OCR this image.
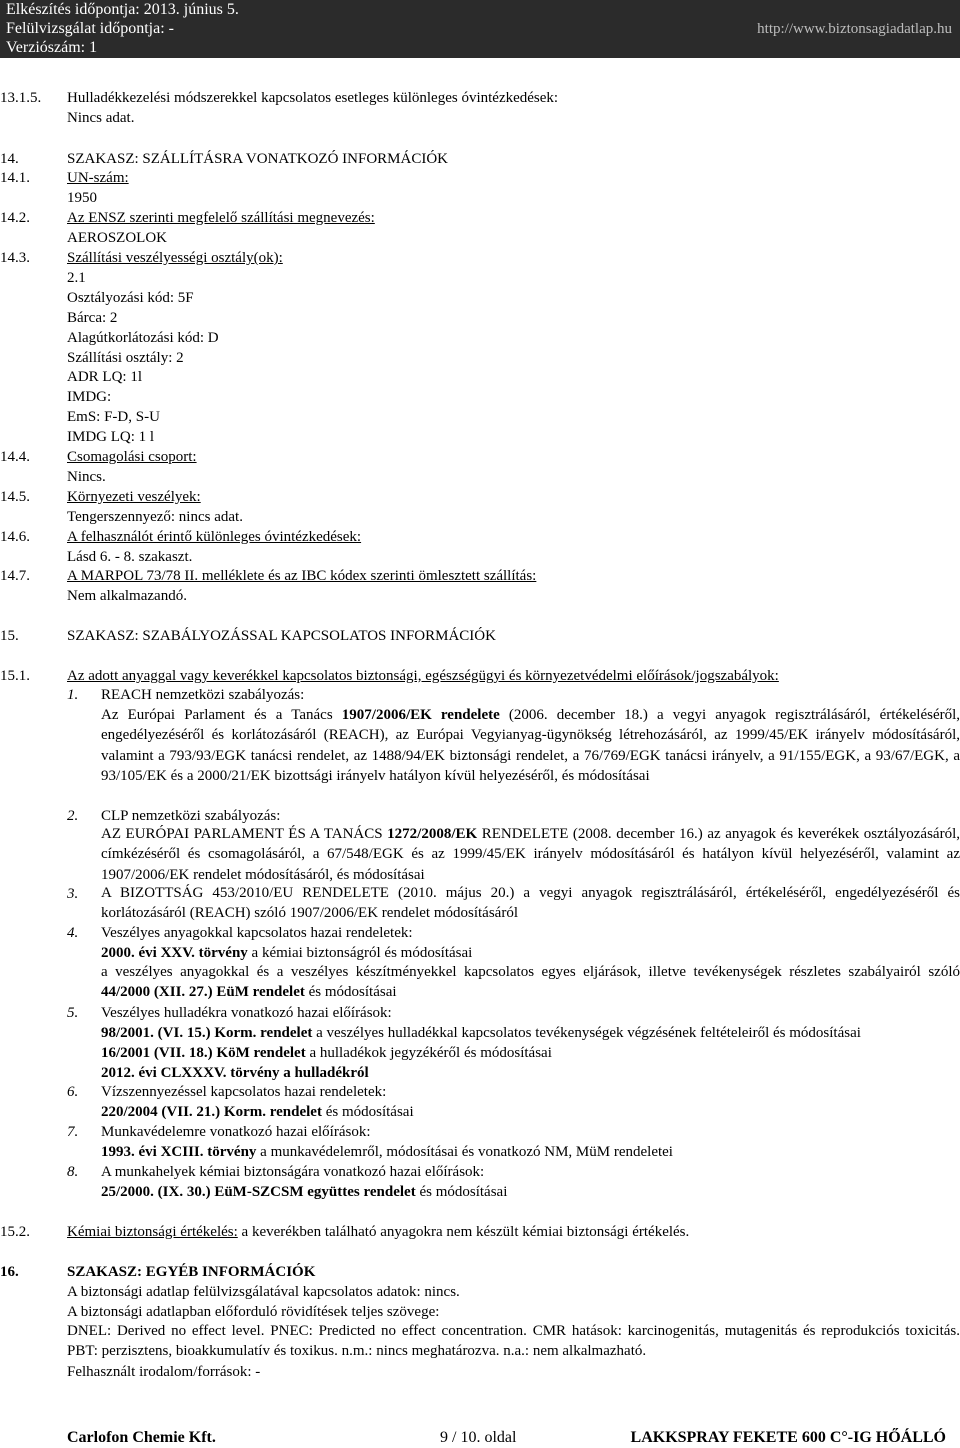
Elkészítés időpontja: 2013. június 5.
Felülvizsgálat időpontja: -
Verziószám: 1
http://www.biztonsagiadatlap.hu
13.1.5. Hulladékkezelési módszerekkel kapcsolatos esetleges különleges óvintézkedések:
Nincs adat.
14.	SZAKASZ: SZÁLLÍTÁSRA VONATKOZÓ INFORMÁCIÓK
14.1. UN-szám:
1950
14.2. Az ENSZ szerinti megfelelő szállítási megnevezés:
AEROSZOLOK
14.3. Szállítási veszélyességi osztály(ok):
2.1
Osztályozási kód: 5F
Bárca: 2
Alagútkorlátozási kód: D
Szállítási osztály: 2
ADR LQ: 1l
IMDG:
EmS: F-D, S-U
IMDG LQ: 1 l
14.4. Csomagolási csoport:
Nincs.
14.5. Környezeti veszélyek:
Tengerszennyező: nincs adat.
14.6. A felhasználót érintő különleges óvintézkedések:
Lásd 6. - 8. szakaszt.
14.7. A MARPOL 73/78 II. melléklete és az IBC kódex szerinti ömlesztett szállítás:
Nem alkalmazandó.
15.	SZAKASZ: SZABÁLYOZÁSSAL KAPCSOLATOS INFORMÁCIÓK
15.1. Az adott anyaggal vagy keverékkel kapcsolatos biztonsági, egészségügyi és környezetvédelmi előírások/jogszabályok:
1. REACH nemzetközi szabályozás:
Az Európai Parlament és a Tanács 1907/2006/EK rendelete (2006. december 18.) a vegyi anyagok regisztrálásáról, értékeléséről, engedélyezéséről és korlátozásáról (REACH), az Európai Vegyianyag-ügynökség létrehozásáról, az 1999/45/EK irányelv módosításáról, valamint a 793/93/EGK tanácsi rendelet, az 1488/94/EK biztonsági rendelet, a 76/769/EGK tanácsi irányelv, a 91/155/EGK, a 93/67/EGK, a 93/105/EK és a 2000/21/EK bizottsági irányelv hatályon kívül helyezéséről, és módosításai
2. CLP nemzetközi szabályozás:
AZ EURÓPAI PARLAMENT ÉS A TANÁCS 1272/2008/EK RENDELETE (2008. december 16.) az anyagok és keverékek osztályozásáról, címkézéséről és csomagolásáról, a 67/548/EGK és az 1999/45/EK irányelv módosításáról és hatályon kívül helyezéséről, valamint az 1907/2006/EK rendelet módosításáról, és módosításai
3. A BIZOTTSÁG 453/2010/EU RENDELETE (2010. május 20.) a vegyi anyagok regisztrálásáról, értékeléséről, engedélyezéséről és korlátozásáról (REACH) szóló 1907/2006/EK rendelet módosításáról
4. Veszélyes anyagokkal kapcsolatos hazai rendeletek:
2000. évi XXV. törvény a kémiai biztonságról és módosításai
a veszélyes anyagokkal és a veszélyes készítményekkel kapcsolatos egyes eljárások, illetve tevékenységek részletes szabályairól szóló 44/2000 (XII. 27.) EüM rendelet és módosításai
5. Veszélyes hulladékra vonatkozó hazai előírások:
98/2001. (VI. 15.) Korm. rendelet a veszélyes hulladékkal kapcsolatos tevékenységek végzésének feltételeiről és módosításai
16/2001 (VII. 18.) KöM rendelet a hulladékok jegyzékéről és módosításai
2012. évi CLXXXV. törvény a hulladékról
6. Vízszennyezéssel kapcsolatos hazai rendeletek:
220/2004 (VII. 21.) Korm. rendelet és módosításai
7. Munkavédelemre vonatkozó hazai előírások:
1993. évi XCIII. törvény a munkavédelemről, módosításai és vonatkozó NM, MüM rendeletei
8. A munkahelyek kémiai biztonságára vonatkozó hazai előírások:
25/2000. (IX. 30.) EüM-SZCSM együttes rendelet és módosításai
15.2. Kémiai biztonsági értékelés: a keverékben található anyagokra nem készült kémiai biztonsági értékelés.
16.	SZAKASZ: EGYÉB INFORMÁCIÓK
A biztonsági adatlap felülvizsgálatával kapcsolatos adatok: nincs.
A biztonsági adatlapban előforduló rövidítések teljes szövege:
DNEL: Derived no effect level. PNEC: Predicted no effect concentration. CMR hatások: karcinogenitás, mutagenitás és reprodukciós toxicitás. PBT: perzisztens, bioakkumulatív és toxikus. n.m.: nincs meghatározva. n.a.: nem alkalmazható.
Felhasznált irodalom/források: -
Carlofon Chemie Kft.	9 / 10. oldal	LAKKSPRAY FEKETE 600 C°-IG HŐÁLLÓ
